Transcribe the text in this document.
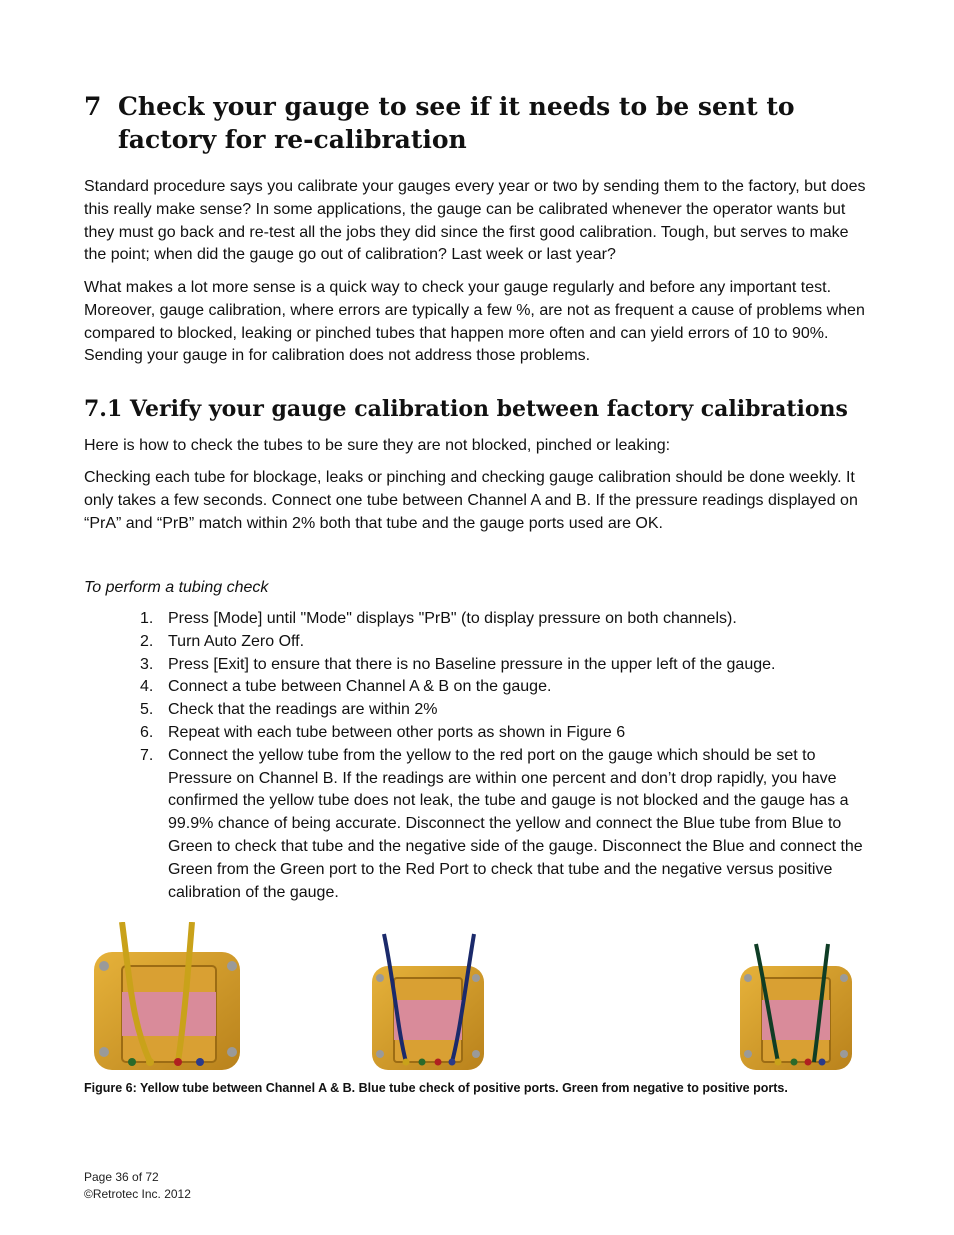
7 Check your gauge to see if it needs to be sent to factory for re-calibration

Standard procedure says you calibrate your gauges every year or two by sending them to the factory, but does this really make sense? In some applications, the gauge can be calibrated whenever the operator wants but they must go back and re-test all the jobs they did since the first good calibration. Tough, but serves to make the point; when did the gauge go out of calibration? Last week or last year?

What makes a lot more sense is a quick way to check your gauge regularly and before any important test. Moreover, gauge calibration, where errors are typically a few %, are not as frequent a cause of problems when compared to blocked, leaking or pinched tubes that happen more often and can yield errors of 10 to 90%. Sending your gauge in for calibration does not address those problems.

7.1 Verify your gauge calibration between factory calibrations

Here is how to check the tubes to be sure they are not blocked, pinched or leaking:

Checking each tube for blockage, leaks or pinching and checking gauge calibration should be done weekly. It only takes a few seconds. Connect one tube between Channel A and B. If the pressure readings displayed on “PrA” and “PrB” match within 2% both that tube and the gauge ports used are OK.

To perform a tubing check

1. Press [Mode] until "Mode" displays "PrB" (to display pressure on both channels).
2. Turn Auto Zero Off.
3. Press [Exit] to ensure that there is no Baseline pressure in the upper left of the gauge.
4. Connect a tube between Channel A & B on the gauge.
5. Check that the readings are within 2%
6. Repeat with each tube between other ports as shown in Figure 6
7. Connect the yellow tube from the yellow to the red port on the gauge which should be set to Pressure on Channel B. If the readings are within one percent and don’t drop rapidly, you have confirmed the yellow tube does not leak, the tube and gauge is not blocked and the gauge has a 99.9% chance of being accurate. Disconnect the yellow and connect the Blue tube from Blue to Green to check that tube and the negative side of the gauge. Disconnect the Blue and connect the Green from the Green port to the Red Port to check that tube and the negative versus positive calibration of the gauge.

Figure 6: Yellow tube between Channel A & B. Blue tube check of positive ports. Green from negative to positive ports.

Page 36 of 72
©Retrotec Inc. 2012
